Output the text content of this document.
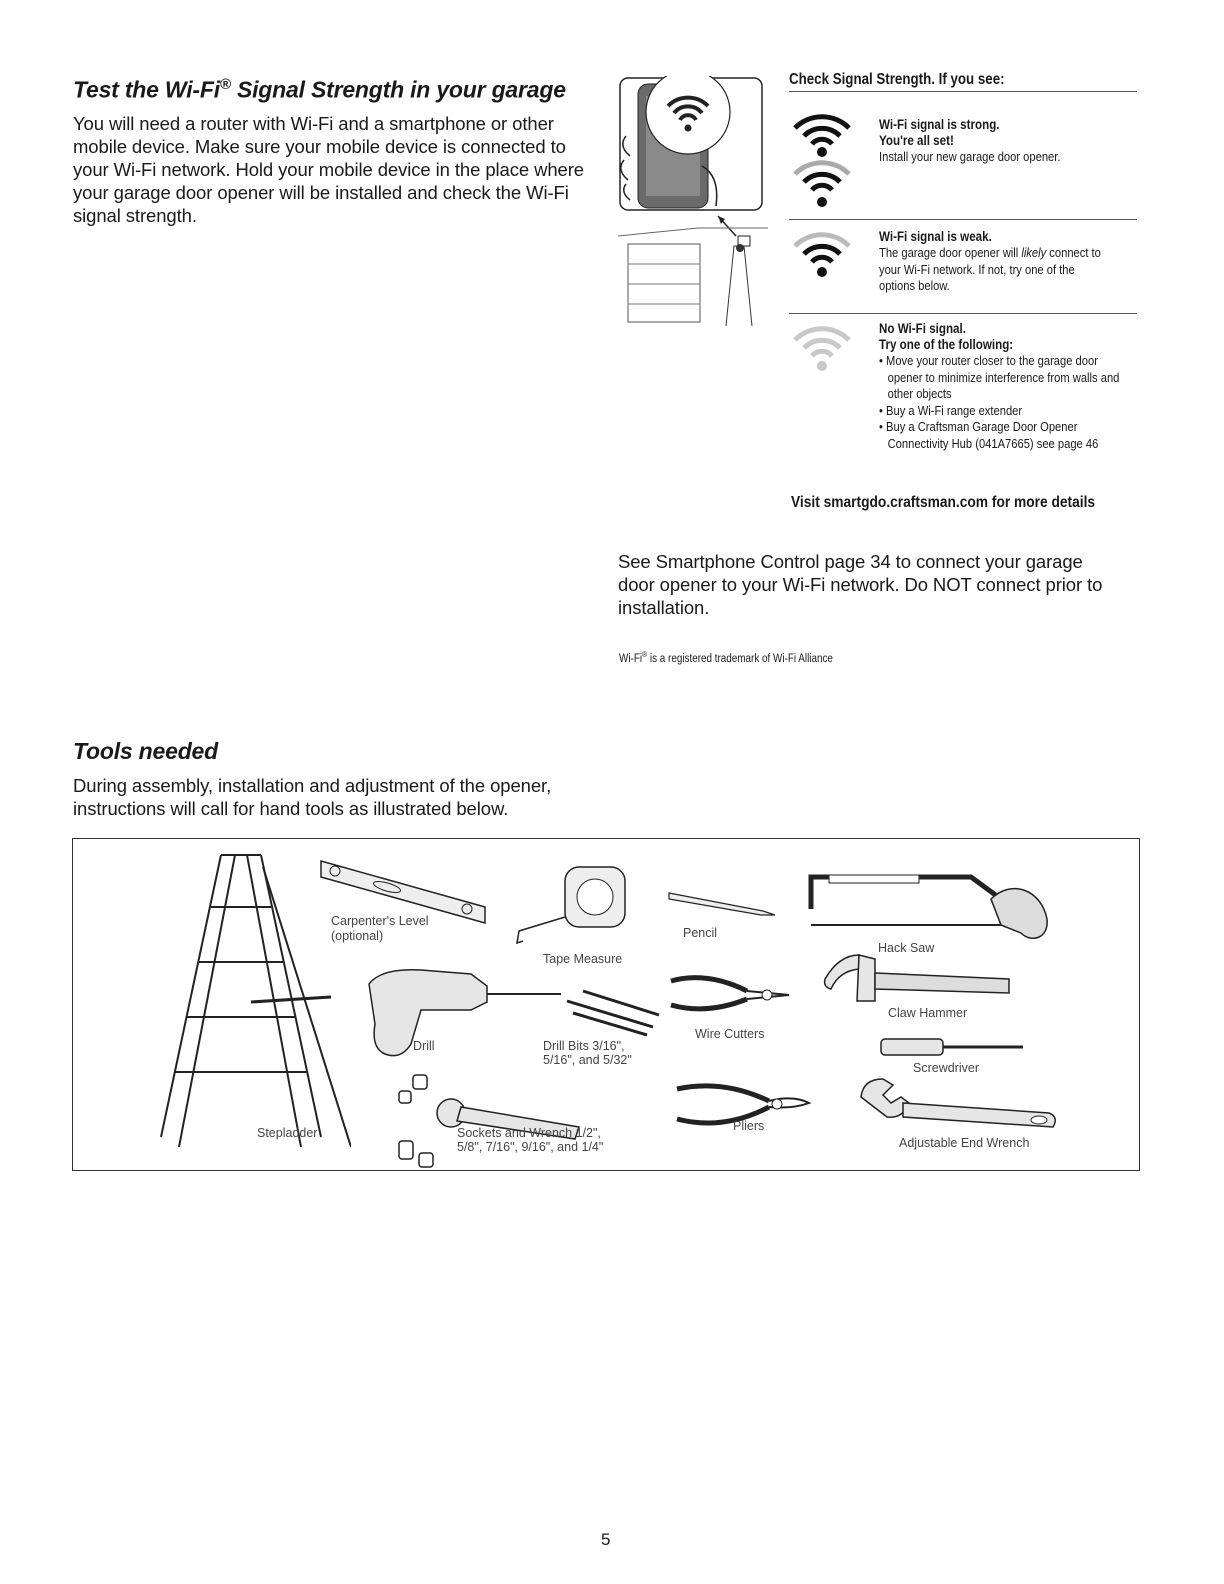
Test the Wi-Fi® Signal Strength in your garage
You will need a router with Wi-Fi and a smartphone or other mobile device. Make sure your mobile device is connected to your Wi-Fi network. Hold your mobile device in the place where your garage door opener will be installed and check the Wi-Fi signal strength.
Check Signal Strength. If you see:
Wi-Fi signal is strong.
You're all set!
Install your new garage door opener.
Wi-Fi signal is weak.
The garage door opener will likely connect to your Wi-Fi network. If not, try one of the options below.
No Wi-Fi signal.
Try one of the following:
• Move your router closer to the garage door opener to minimize interference from walls and other objects
• Buy a Wi-Fi range extender
• Buy a Craftsman Garage Door Opener Connectivity Hub (041A7665) see page 46
Visit smartgdo.craftsman.com for more details
See Smartphone Control page 34 to connect your garage door opener to your Wi-Fi network. Do NOT connect prior to installation.
Wi-Fi® is a registered trademark of Wi-Fi Alliance
Tools needed
During assembly, installation and adjustment of the opener, instructions will call for hand tools as illustrated below.
Stepladder
Carpenter's Level
(optional)
Tape Measure
Pencil
Hack Saw
Drill	Drill Bits 3/16",
5/16", and 5/32"
Wire Cutters
Claw Hammer
Screwdriver
Sockets and Wrench 1/2",
5/8", 7/16", 9/16", and 1/4"
Pliers
Adjustable End Wrench
5
